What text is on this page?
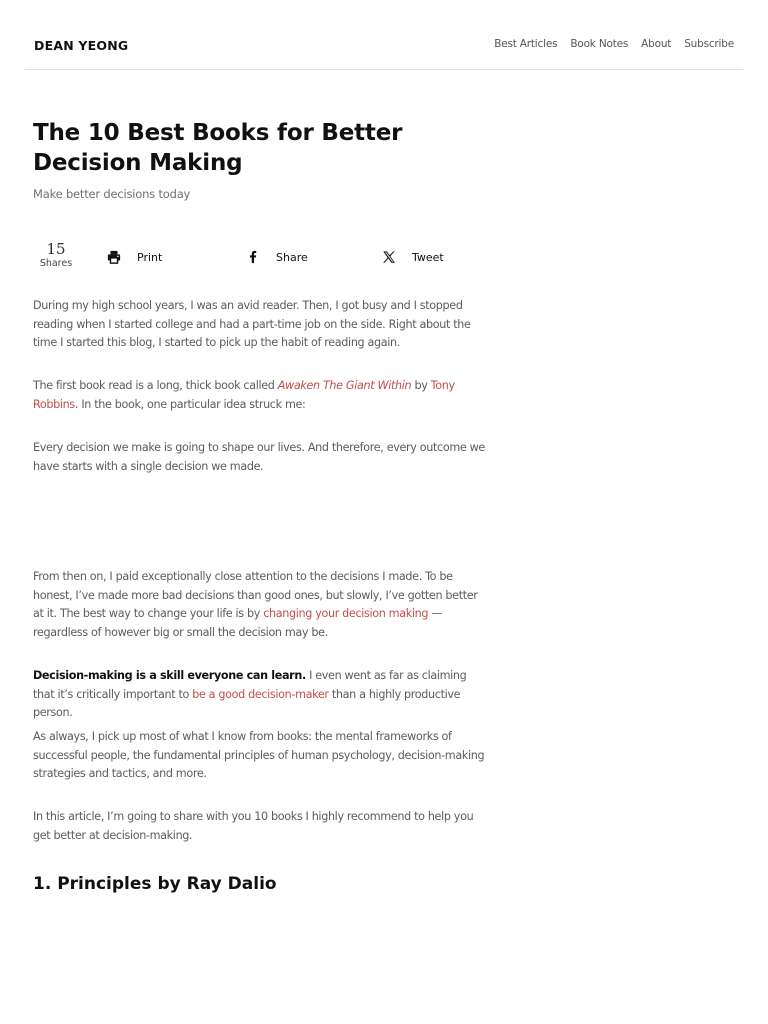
DEAN YEONG	Best Articles Book Notes About Subscribe
The 10 Best Books for Better Decision Making

Make better decisions today

15
Shares	Print	Share	Tweet

During my high school years, I was an avid reader. Then, I got busy and I stopped reading when I started college and had a part-time job on the side. Right about the time I started this blog, I started to pick up the habit of reading again.

The first book read is a long, thick book called Awaken The Giant Within by Tony Robbins. In the book, one particular idea struck me:

Every decision we make is going to shape our lives. And therefore, every outcome we have starts with a single decision we made.

From then on, I paid exceptionally close attention to the decisions I made. To be honest, I’ve made more bad decisions than good ones, but slowly, I’ve gotten better at it. The best way to change your life is by changing your decision making — regardless of however big or small the decision may be.

Decision-making is a skill everyone can learn. I even went as far as claiming that it’s critically important to be a good decision-maker than a highly productive person.

As always, I pick up most of what I know from books: the mental frameworks of successful people, the fundamental principles of human psychology, decision-making strategies and tactics, and more.

In this article, I’m going to share with you 10 books I highly recommend to help you get better at decision-making.

1. Principles by Ray Dalio
